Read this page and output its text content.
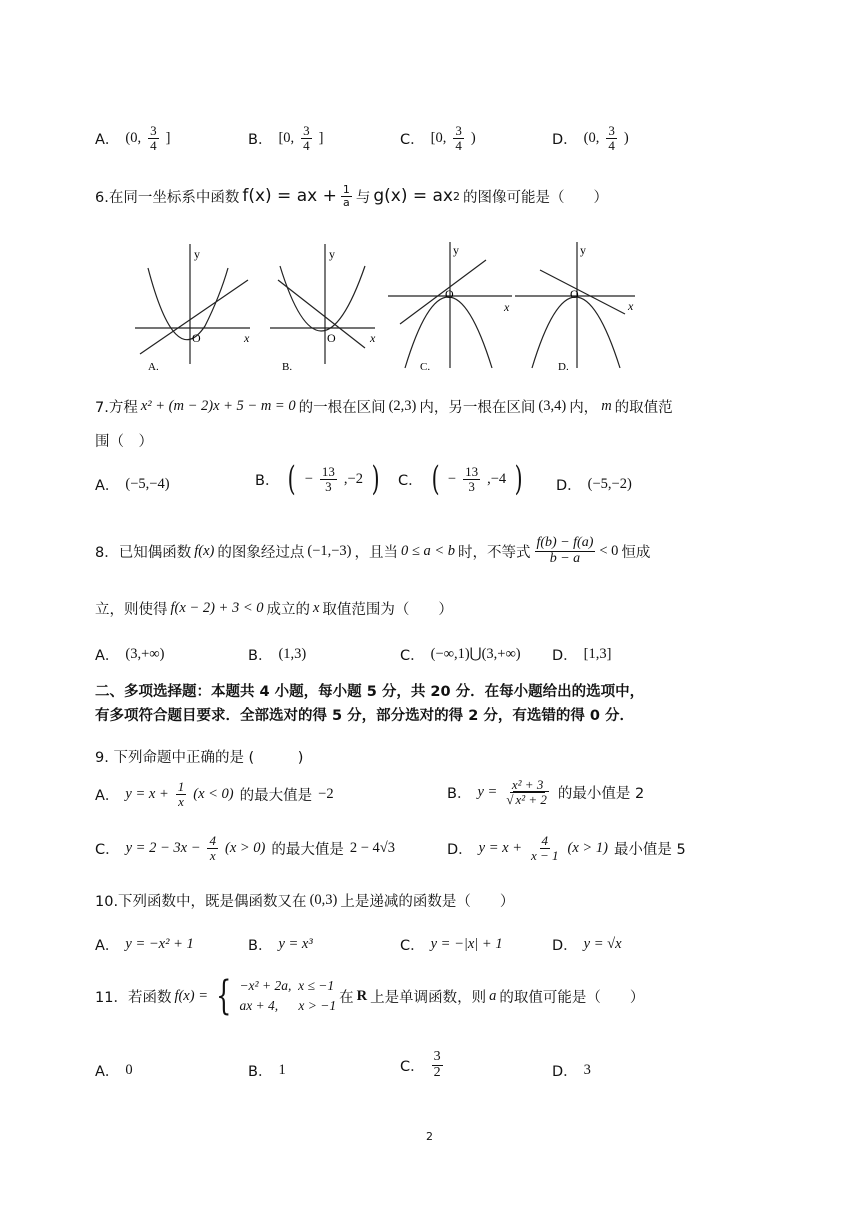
A． (0, $\frac{3}{4}$ ]	B． [0, $\frac{3}{4}$ ]	C． [0, $\frac{3}{4}$ )	D． (0, $\frac{3}{4}$ )
6.在同一坐标系中函数 f(x) = ax + $\frac{1}{a}$ 与 g(x) = ax 2 的图像可能是（　　）
y
x
O
A.
y
x
O
B.
y
x
O
C.
y
x
O
D.
7.方程 x² + (m − 2)x + 5 − m = 0 的一根在区间 (2,3) 内，另一根在区间 (3,4) 内， m 的取值范
围（　）
A． (−5,−4)	B． ( − $\frac{13}{3} ,-2$ ) C． ( − $\frac{13}{3} ,-4$ ) D． (−5,−2)
8．已知偶函数 f(x) 的图象经过点 (−1,−3) ，且当 0 ≤ a < b 时，不等式 $\frac{f(b) - f(a)}{b - a} < 0$ 恒成
立，则使得 f(x − 2) + 3 < 0 成立的 x 取值范围为（　　）
A． (3,+∞)	B． (1,3)	C． (−∞,1)⋃(3,+∞) D． [1,3]
二、多项选择题：本题共 4 小题，每小题 5 分，共 20 分．在每小题给出的选项中，
有多项符合题目要求．全部选对的得 5 分，部分选对的得 2 分，有选错的得 0 分．
9. 下列命题中正确的是 (　　　)
A． $y = x + \frac{1}{x} (x < 0)$ 的最大值是 −2	B． $y = \frac{\text{x² + 3}}{\text{√ x² + 2}}$ 的最小值是 2
C． $y = 2 - 3x - \frac{4}{x} (x > 0)$ 的最大值是 2 − 4√3	D． $y = x + \frac{4}{x - 1} (x > 1)$ 最小值是 5
10.下列函数中，既是偶函数又在 (0,3) 上是递减的函数是（　　）
A． y = −x² + 1	B． y = x³	C． y = −|x| + 1	D． y = √x
11．若函数 f(x) = { −x² + 2a,  x ≤ −1
ax + 4,      x > −1 在 R 上是单调函数，则 a 的取值可能是（　　）
A． 0	B． 1	C． $\frac{3}{2}$	D． 3
2
